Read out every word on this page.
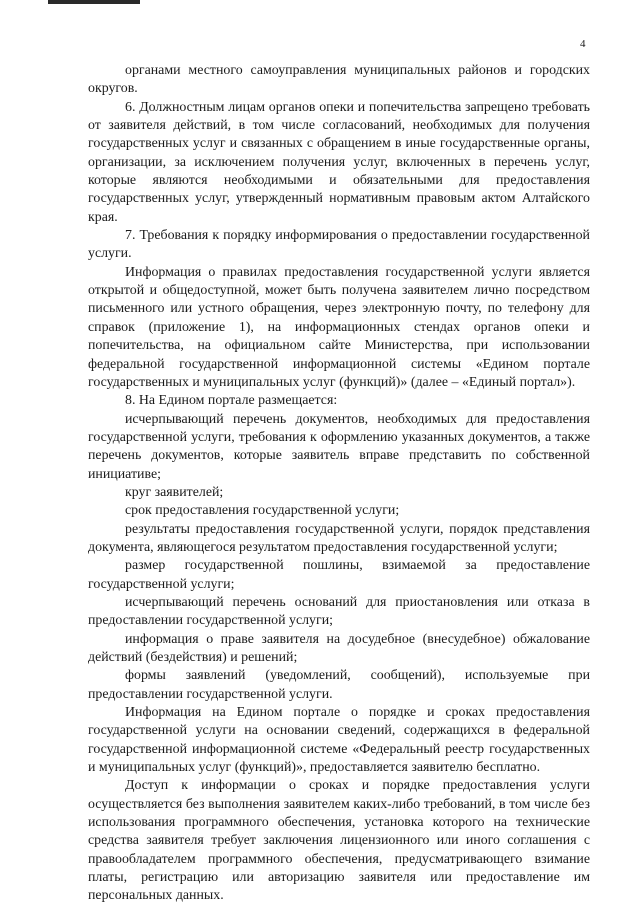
4

органами местного самоуправления муниципальных районов и городских округов.

6. Должностным лицам органов опеки и попечительства запрещено требовать от заявителя действий, в том числе согласований, необходимых для получения государственных услуг и связанных с обращением в иные государственные органы, организации, за исключением получения услуг, включенных в перечень услуг, которые являются необходимыми и обязательными для предоставления государственных услуг, утвержденный нормативным правовым актом Алтайского края.

7. Требования к порядку информирования о предоставлении государственной услуги.

Информация о правилах предоставления государственной услуги является открытой и общедоступной, может быть получена заявителем лично посредством письменного или устного обращения, через электронную почту, по телефону для справок (приложение 1), на информационных стендах органов опеки и попечительства, на официальном сайте Министерства, при использовании федеральной государственной информационной системы «Едином портале государственных и муниципальных услуг (функций)» (далее – «Единый портал»).

8. На Едином портале размещается:

исчерпывающий перечень документов, необходимых для предоставления государственной услуги, требования к оформлению указанных документов, а также перечень документов, которые заявитель вправе представить по собственной инициативе;

круг заявителей;

срок предоставления государственной услуги;

результаты предоставления государственной услуги, порядок представления документа, являющегося результатом предоставления государственной услуги;

размер государственной пошлины, взимаемой за предоставление государственной услуги;

исчерпывающий перечень оснований для приостановления или отказа в предоставлении государственной услуги;

информация о праве заявителя на досудебное (внесудебное) обжалование действий (бездействия) и решений;

формы заявлений (уведомлений, сообщений), используемые при предоставлении государственной услуги.

Информация на Едином портале о порядке и сроках предоставления государственной услуги на основании сведений, содержащихся в федеральной государственной информационной системе «Федеральный реестр государственных и муниципальных услуг (функций)», предоставляется заявителю бесплатно.

Доступ к информации о сроках и порядке предоставления услуги осуществляется без выполнения заявителем каких-либо требований, в том числе без использования программного обеспечения, установка которого на технические средства заявителя требует заключения лицензионного или иного соглашения с правообладателем программного обеспечения, предусматривающего взимание платы, регистрацию или авторизацию заявителя или предоставление им персональных данных.
